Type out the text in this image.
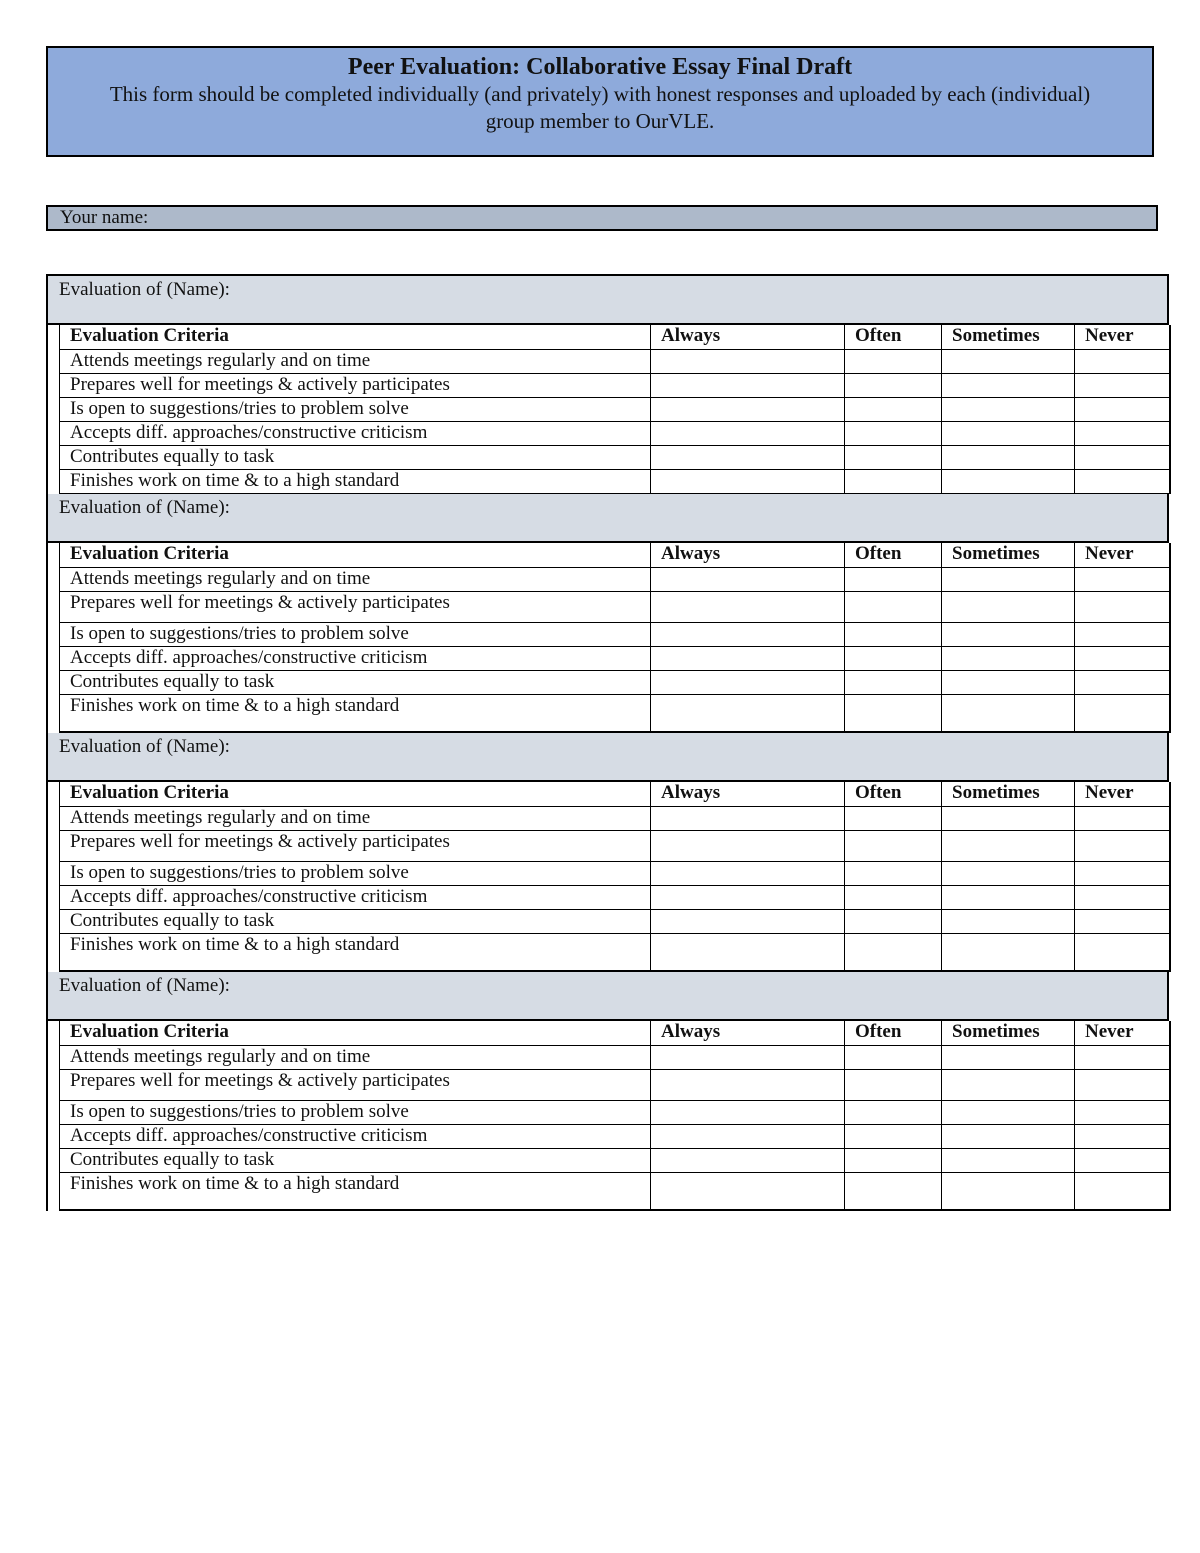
Peer Evaluation: Collaborative Essay Final Draft
This form should be completed individually (and privately) with honest responses and uploaded by each (individual) group member to OurVLE.
Your name:
Evaluation of (Name):
Evaluation Criteria	Always	Often	Sometimes	Never
Attends meetings regularly and on time				
Prepares well for meetings & actively participates				
Is open to suggestions/tries to problem solve				
Accepts diff. approaches/constructive criticism				
Contributes equally to task				
Finishes work on time & to a high standard				
Evaluation of (Name):
Evaluation Criteria	Always	Often	Sometimes	Never
Attends meetings regularly and on time				
Prepares well for meetings & actively participates				
Is open to suggestions/tries to problem solve				
Accepts diff. approaches/constructive criticism				
Contributes equally to task				
Finishes work on time & to a high standard				
Evaluation of (Name):
Evaluation Criteria	Always	Often	Sometimes	Never
Attends meetings regularly and on time				
Prepares well for meetings & actively participates				
Is open to suggestions/tries to problem solve				
Accepts diff. approaches/constructive criticism				
Contributes equally to task				
Finishes work on time & to a high standard				
Evaluation of (Name):
Evaluation Criteria	Always	Often	Sometimes	Never
Attends meetings regularly and on time				
Prepares well for meetings & actively participates				
Is open to suggestions/tries to problem solve				
Accepts diff. approaches/constructive criticism				
Contributes equally to task				
Finishes work on time & to a high standard				
